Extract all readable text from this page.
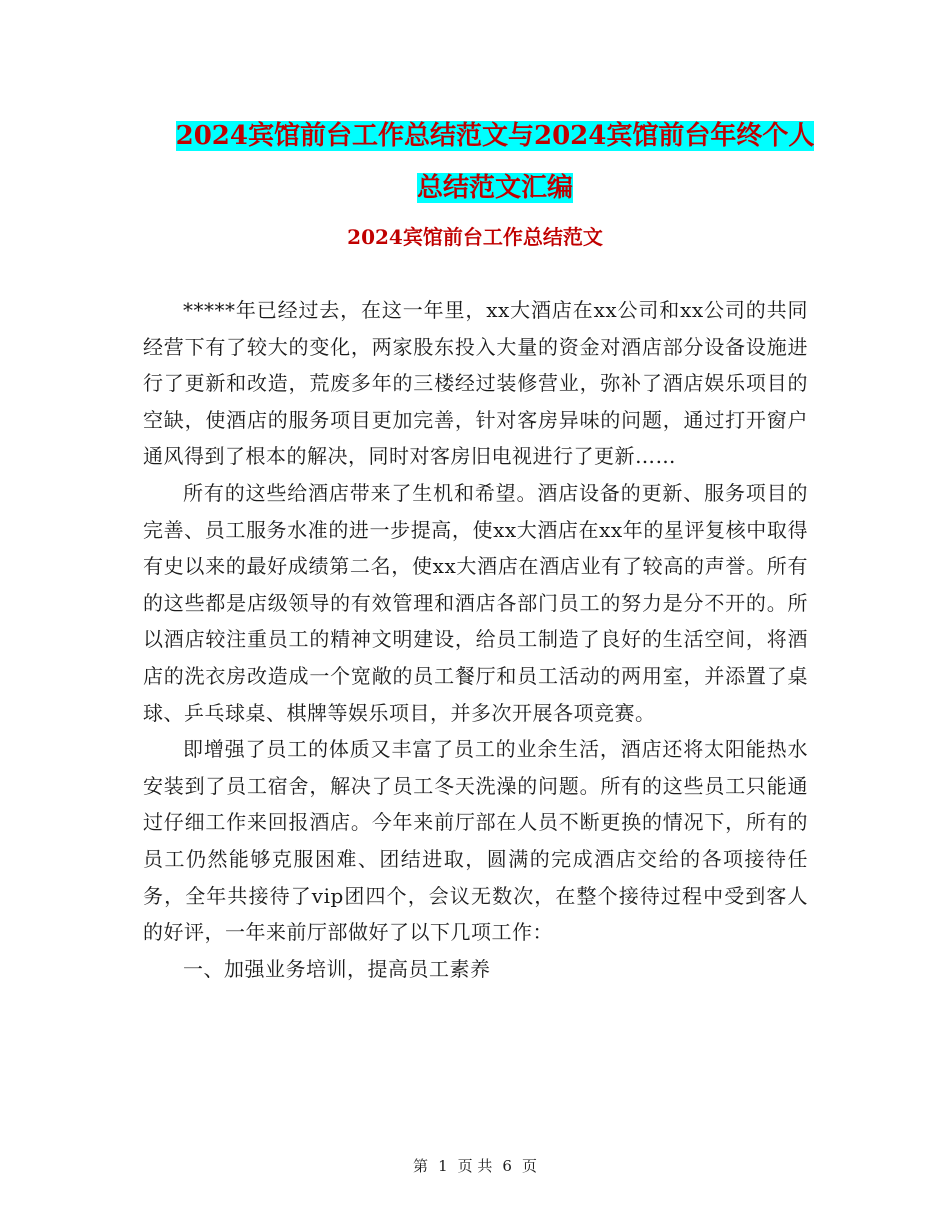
2024宾馆前台工作总结范文与2024宾馆前台年终个人
总结范文汇编
2024宾馆前台工作总结范文

*****年已经过去，在这一年里，xx大酒店在xx公司和xx公司的共同经营下有了较大的变化，两家股东投入大量的资金对酒店部分设备设施进行了更新和改造，荒废多年的三楼经过装修营业，弥补了酒店娱乐项目的空缺，使酒店的服务项目更加完善，针对客房异味的问题，通过打开窗户通风得到了根本的解决，同时对客房旧电视进行了更新……

所有的这些给酒店带来了生机和希望。酒店设备的更新、服务项目的完善、员工服务水准的进一步提高，使xx大酒店在xx年的星评复核中取得有史以来的最好成绩第二名，使xx大酒店在酒店业有了较高的声誉。所有的这些都是店级领导的有效管理和酒店各部门员工的努力是分不开的。所以酒店较注重员工的精神文明建设，给员工制造了良好的生活空间，将酒店的洗衣房改造成一个宽敞的员工餐厅和员工活动的两用室，并添置了桌球、乒乓球桌、棋牌等娱乐项目，并多次开展各项竞赛。

即增强了员工的体质又丰富了员工的业余生活，酒店还将太阳能热水安装到了员工宿舍，解决了员工冬天洗澡的问题。所有的这些员工只能通过仔细工作来回报酒店。今年来前厅部在人员不断更换的情况下，所有的员工仍然能够克服困难、团结进取，圆满的完成酒店交给的各项接待任务，全年共接待了vip团四个，会议无数次，在整个接待过程中受到客人的好评，一年来前厅部做好了以下几项工作：

一、加强业务培训，提高员工素养

第 1 页 共 6 页
